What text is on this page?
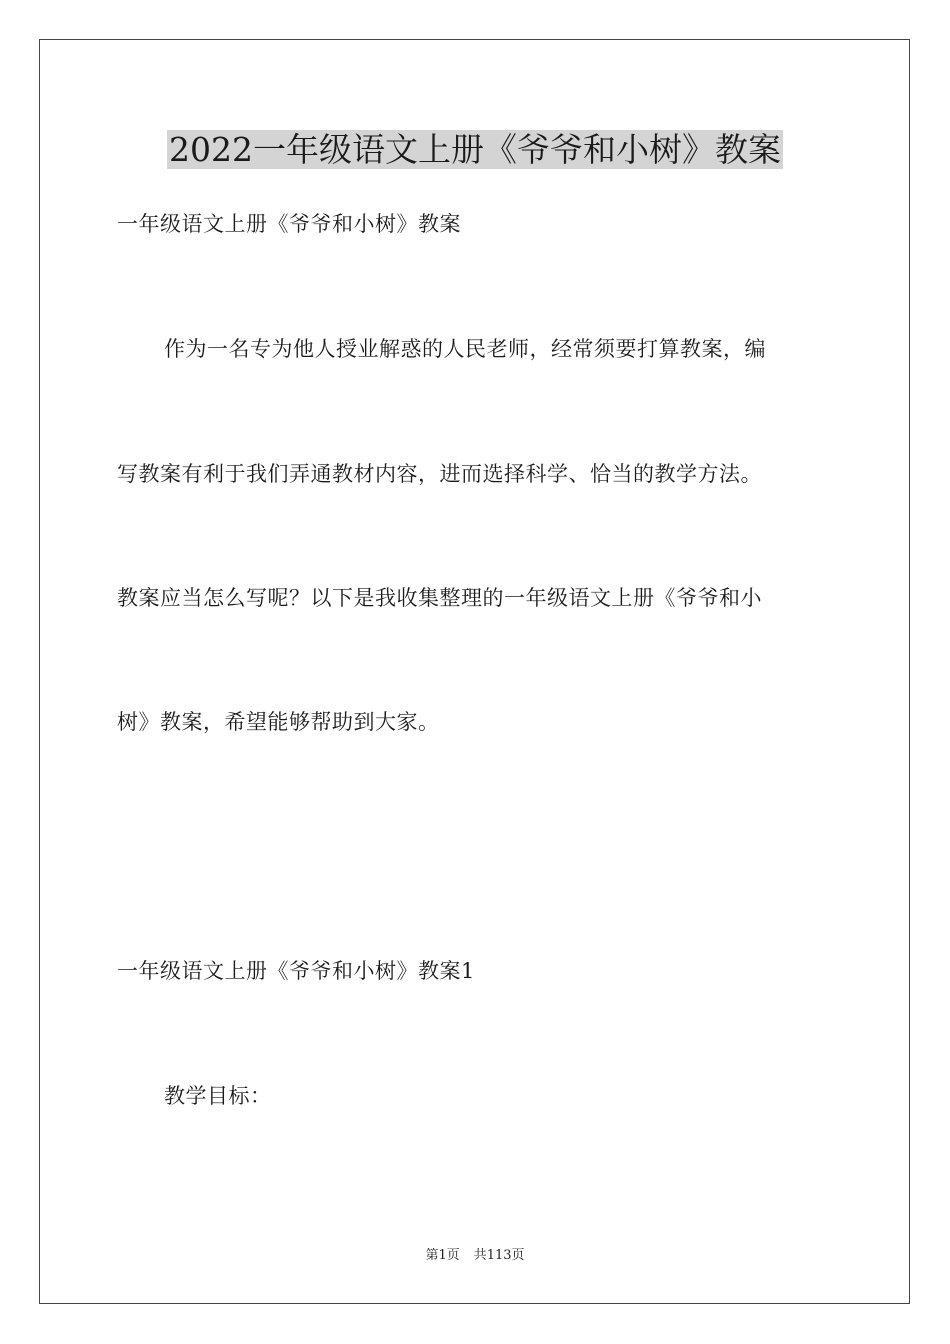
2022一年级语文上册《爷爷和小树》教案
一年级语文上册《爷爷和小树》教案
作为一名专为他人授业解惑的人民老师，经常须要打算教案，编
写教案有利于我们弄通教材内容，进而选择科学、恰当的教学方法。
教案应当怎么写呢？以下是我收集整理的一年级语文上册《爷爷和小
树》教案，希望能够帮助到大家。
一年级语文上册《爷爷和小树》教案1
教学目标：
第1页 共113页
